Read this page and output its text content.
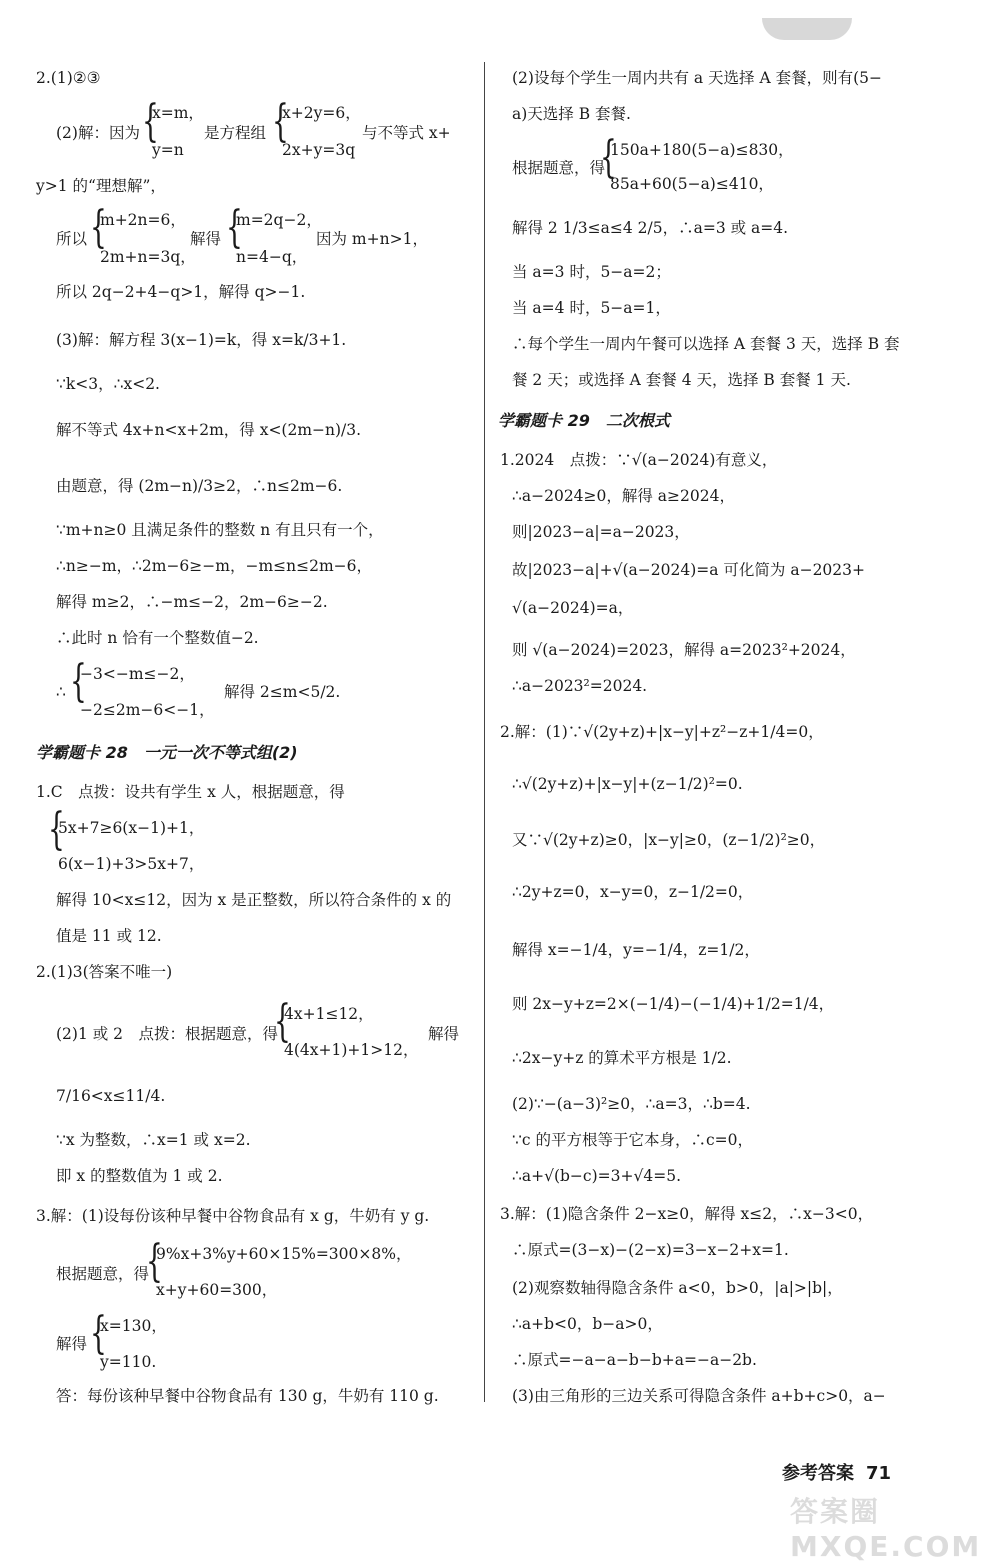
2.(1)②③
(2)解：因为 {
x=m，
y=n
是方程组 {
x+2y=6，
2x+y=3q
与不等式 x+
y>1 的“理想解”，
所以 {
m+2n=6，
2m+n=3q，
解得 {
m=2q−2，
n=4−q，
因为 m+n>1，
所以 2q−2+4−q>1，解得 q>−1.
(3)解：解方程 3(x−1)=k，得 x=k/3+1.
∵k<3，∴x<2.
解不等式 4x+n<x+2m，得 x<(2m−n)/3.
由题意，得 (2m−n)/3≥2，∴n≤2m−6.
∵m+n≥0 且满足条件的整数 n 有且只有一个，
∴n≥−m，∴2m−6≥−m，−m≤n≤2m−6，
解得 m≥2，∴−m≤−2，2m−6≥−2.
∴此时 n 恰有一个整数值−2.
∴ {
−3<−m≤−2，
−2≤2m−6<−1，
解得 2≤m<5/2.
学霸题卡 28　一元一次不等式组(2)
1.C　点拨：设共有学生 x 人，根据题意，得
{
5x+7≥6(x−1)+1，
6(x−1)+3>5x+7，
解得 10<x≤12，因为 x 是正整数，所以符合条件的 x 的
值是 11 或 12.
2.(1)3(答案不唯一)
(2)1 或 2　点拨：根据题意，得
{
4x+1≤12，
4(4x+1)+1>12，
解得
7/16<x≤11/4.
∵x 为整数，∴x=1 或 x=2.
即 x 的整数值为 1 或 2.
3.解：(1)设每份该种早餐中谷物食品有 x g，牛奶有 y g.
根据题意，得
{
9%x+3%y+60×15%=300×8%，
x+y+60=300，
解得 {
x=130，
y=110.
答：每份该种早餐中谷物食品有 130 g，牛奶有 110 g.
(2)设每个学生一周内共有 a 天选择 A 套餐，则有(5−
a)天选择 B 套餐.
根据题意，得
{
150a+180(5−a)≤830，
85a+60(5−a)≤410，
解得 2 1/3≤a≤4 2/5，∴a=3 或 a=4.
当 a=3 时，5−a=2；
当 a=4 时，5−a=1，
∴每个学生一周内午餐可以选择 A 套餐 3 天，选择 B 套
餐 2 天；或选择 A 套餐 4 天，选择 B 套餐 1 天.
学霸题卡 29　二次根式
1.2024　点拨：∵√(a−2024)有意义，
∴a−2024≥0，解得 a≥2024，
则|2023−a|=a−2023，
故|2023−a|+√(a−2024)=a 可化简为 a−2023+
√(a−2024)=a，
则 √(a−2024)=2023，解得 a=2023²+2024，
∴a−2023²=2024.
2.解：(1)∵√(2y+z)+|x−y|+z²−z+1/4=0，
∴√(2y+z)+|x−y|+(z−1/2)²=0.
又∵√(2y+z)≥0，|x−y|≥0，(z−1/2)²≥0，
∴2y+z=0，x−y=0，z−1/2=0，
解得 x=−1/4，y=−1/4，z=1/2，
则 2x−y+z=2×(−1/4)−(−1/4)+1/2=1/4，
∴2x−y+z 的算术平方根是 1/2.
(2)∵−(a−3)²≥0，∴a=3，∴b=4.
∵c 的平方根等于它本身，∴c=0，
∴a+√(b−c)=3+√4=5.
3.解：(1)隐含条件 2−x≥0，解得 x≤2，∴x−3<0，
∴原式=(3−x)−(2−x)=3−x−2+x=1.
(2)观察数轴得隐含条件 a<0，b>0，|a|>|b|，
∴a+b<0，b−a>0，
∴原式=−a−a−b−b+a=−a−2b.
(3)由三角形的三边关系可得隐含条件 a+b+c>0，a−
参考答案 71
答案圈 MXQE.COM
